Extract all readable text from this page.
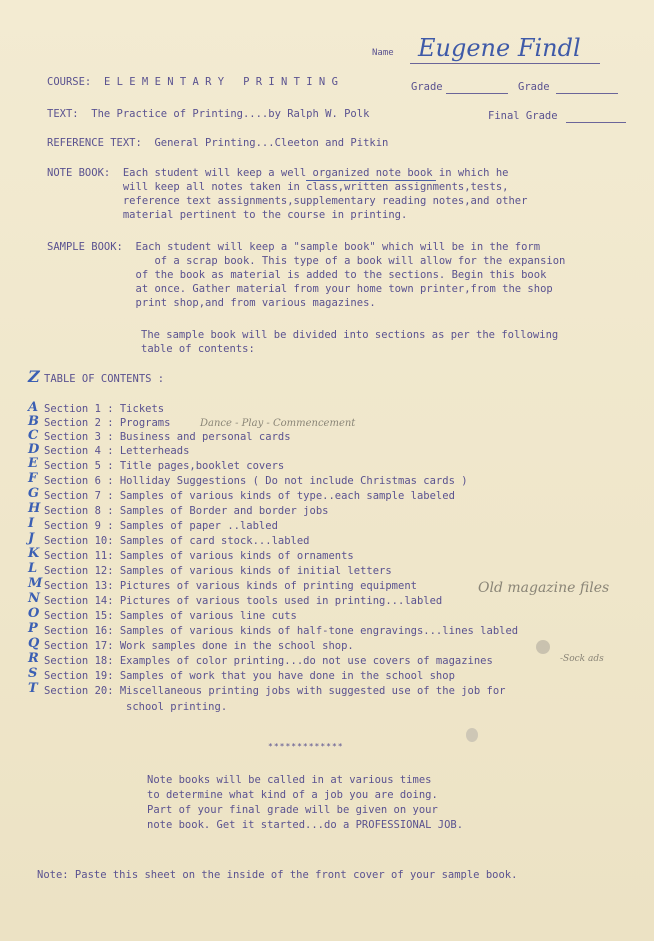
Name Eugene Findl
COURSE: E L E M E N T A R Y   P R I N T I N G	Grade	Grade
TEXT:  The Practice of Printing....by Ralph W. Polk	Final Grade
REFERENCE TEXT:  General Printing...Cleeton and Pitkin
NOTE BOOK:  Each student will keep a well organized note book in which he
will keep all notes taken in class,written assignments,tests,
reference text assignments,supplementary reading notes,and other
material pertinent to the course in printing.
SAMPLE BOOK:  Each student will keep a "sample book" which will be in the form
of a scrap book. This type of a book will allow for the expansion
of the book as material is added to the sections. Begin this book
at once. Gather material from your home town printer,from the shop
print shop,and from various magazines.
The sample book will be divided into sections as per the following
table of contents:
Z TABLE OF CONTENTS :
A Section 1 : Tickets
B Section 2 : Programs
C Section 3 : Business and personal cards
D Section 4 : Letterheads
E Section 5 : Title pages,booklet covers
F Section 6 : Holliday Suggestions ( Do not include Christmas cards )
G Section 7 : Samples of various kinds of type..each sample labeled
H Section 8 : Samples of Border and border jobs
I Section 9 : Samples of paper ..labled
J Section 10: Samples of card stock...labled
K Section 11: Samples of various kinds of ornaments
L Section 12: Samples of various kinds of initial letters
M Section 13: Pictures of various kinds of printing equipment
N Section 14: Pictures of various tools used in printing...labled
O Section 15: Samples of various line cuts
P Section 16: Samples of various kinds of half-tone engravings...lines labled
Q Section 17: Work samples done in the school shop.
R Section 18: Examples of color printing...do not use covers of magazines
S Section 19: Samples of work that you have done in the school shop
T Section 20: Miscellaneous printing jobs with suggested use of the job for
school printing.
Dance - Play - Commencement
Old magazine files
-Sock ads
*************
Note books will be called in at various times
to determine what kind of a job you are doing.
Part of your final grade will be given on your
note book. Get it started...do a PROFESSIONAL JOB.
Note: Paste this sheet on the inside of the front cover of your sample book.
